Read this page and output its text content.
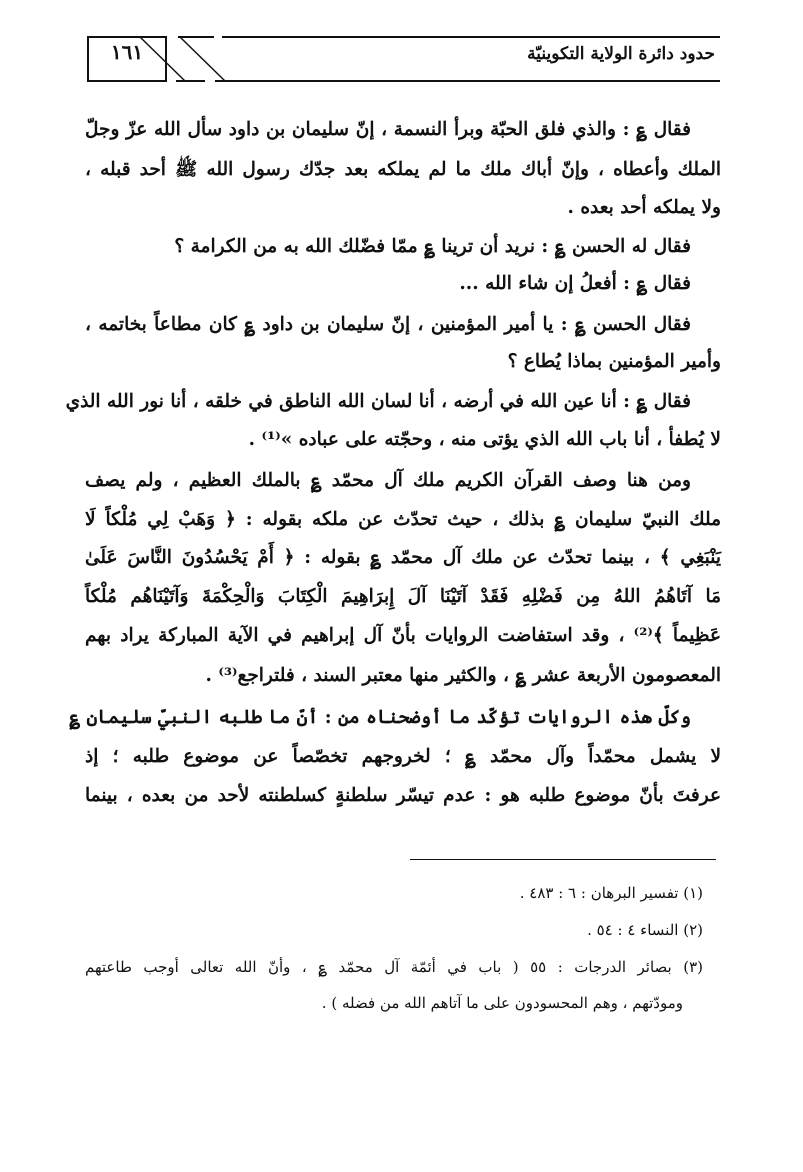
١٦١	حدود دائرة الولاية التكوينيّة
فقال ؏ : والذي فلق الحبّة وبرأ النسمة ، إنّ سليمان بن داود سأل الله عزّ وجلّ
الملك وأعطاه ، وإنّ أباك ملك ما لم يملكه بعد جدّك رسول الله ﷺ أحد قبله ،
ولا يملكه أحد بعده .
فقال له الحسن ؏ : نريد أن ترينا ؏ ممّا فضّلك الله به من الكرامة ؟
فقال ؏ : أفعلُ إن شاء الله ...
فقال الحسن ؏ : يا أمير المؤمنين ، إنّ سليمان بن داود ؏ كان مطاعاً بخاتمه ،
وأمير المؤمنين بماذا يُطاع ؟
فقال ؏ : أنا عين الله في أرضه ، أنا لسان الله الناطق في خلقه ، أنا نور الله الذي
لا يُطفأ ، أنا باب الله الذي يؤتى منه ، وحجّته على عباده »⁽¹⁾ .
ومن هنا وصف القرآن الكريم ملك آل محمّد ؏ بالملك العظيم ، ولم يصف
ملك النبيّ سليمان ؏ بذلك ، حيث تحدّث عن ملكه بقوله : ﴿ وَهَبْ لِي مُلْكاً لَا
يَنْبَغِي ﴾ ، بينما تحدّث عن ملك آل محمّد ؏ بقوله : ﴿ أَمْ يَحْسُدُونَ النَّاسَ عَلَىٰ
مَا آتَاهُمُ اللهُ مِن فَضْلِهِ فَقَدْ آتَيْنَا آلَ إِبرَاهِيمَ الْكِتَابَ وَالْحِكْمَةَ وَآتَيْنَاهُم مُلْكاً
عَظِيماً ﴾⁽²⁾ ، وقد استفاضت الروايات بأنّ آل إبراهيم في الآية المباركة يراد بهم
المعصومون الأربعة عشر ؏ ، والكثير منها معتبر السند ، فلتراجع⁽³⁾ .
وكلّ هذه الروايات تؤكّد ما أوضحناه من : أنّ ما طلبه النبيّ سليمان ؏
لا يشمل محمّداً وآل محمّد ؏ ؛ لخروجهم تخصّصاً عن موضوع طلبه ؛ إذ
عرفتَ بأنّ موضوع طلبه هو : عدم تيسّر سلطنةٍ كسلطنته لأحد من بعده ، بينما
(١) تفسير البرهان : ٦ : ٤٨٣ .
(٢) النساء ٤ : ٥٤ .
(٣) بصائر الدرجات : ٥٥ ( باب في أئمّة آل محمّد ؏ ، وأنّ الله تعالى أوجب طاعتهم
ومودّتهم ، وهم المحسودون على ما آتاهم الله من فضله ) .
